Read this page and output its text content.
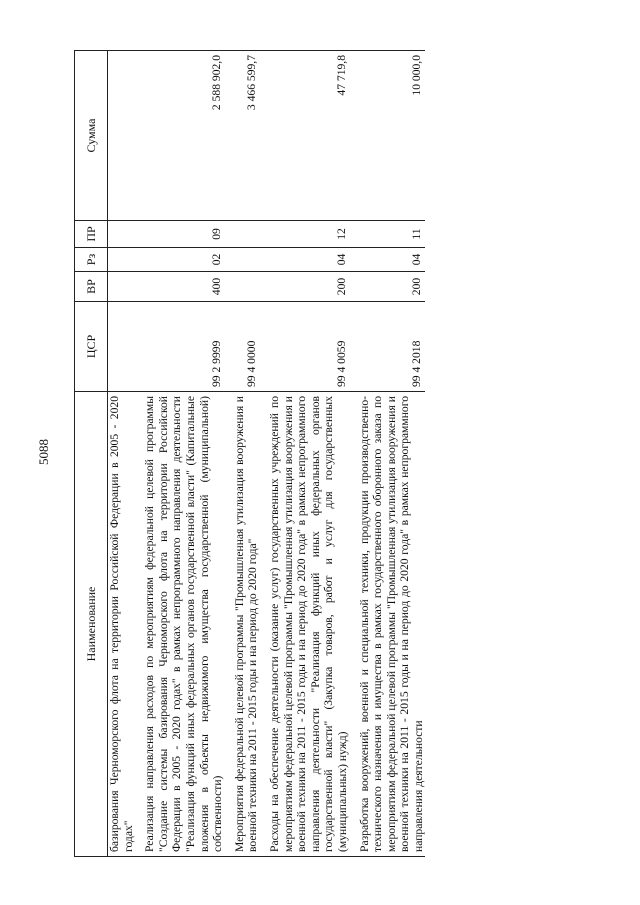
5088
Наименование	ЦСР	ВР	Рз	ПР	Сумма

базирования Черноморского флота на территории Российской Федерации в 2005 - 2020 годах"					

Реализация направления расходов по мероприятиям федеральной целевой программы "Создание системы базирования Черноморского флота на территории Российской Федерации в 2005 - 2020 годах" в рамках непрограммного направления деятельности "Реализация функций иных федеральных органов государственной власти" (Капитальные вложения в объекты недвижимого имущества государственной (муниципальной) собственности)	99 2 9999	400	02	09	2 588 902,0

Мероприятия федеральной целевой программы "Промышленная утилизация вооружения и военной техники на 2011 - 2015 годы и на период до 2020 года"	99 4 0000				3 466 599,7

Расходы на обеспечение деятельности (оказание услуг) государственных учреждений по мероприятиям федеральной целевой программы "Промышленная утилизация вооружения и военной техники на 2011 - 2015 годы и на период до 2020 года" в рамках непрограммного направления деятельности "Реализация функций иных федеральных органов государственной власти" (Закупка товаров, работ и услуг для государственных (муниципальных) нужд)	99 4 0059	200	04	12	47 719,8

Разработка вооружений, военной и специальной техники, продукции производственно-технического назначения и имущества в рамках государственного оборонного заказа по мероприятиям федеральной целевой программы "Промышленная утилизация вооружения и военной техники на 2011 - 2015 годы и на период до 2020 года" в рамках непрограммного направления деятельности	99 4 2018	200	04	11	10 000,0
